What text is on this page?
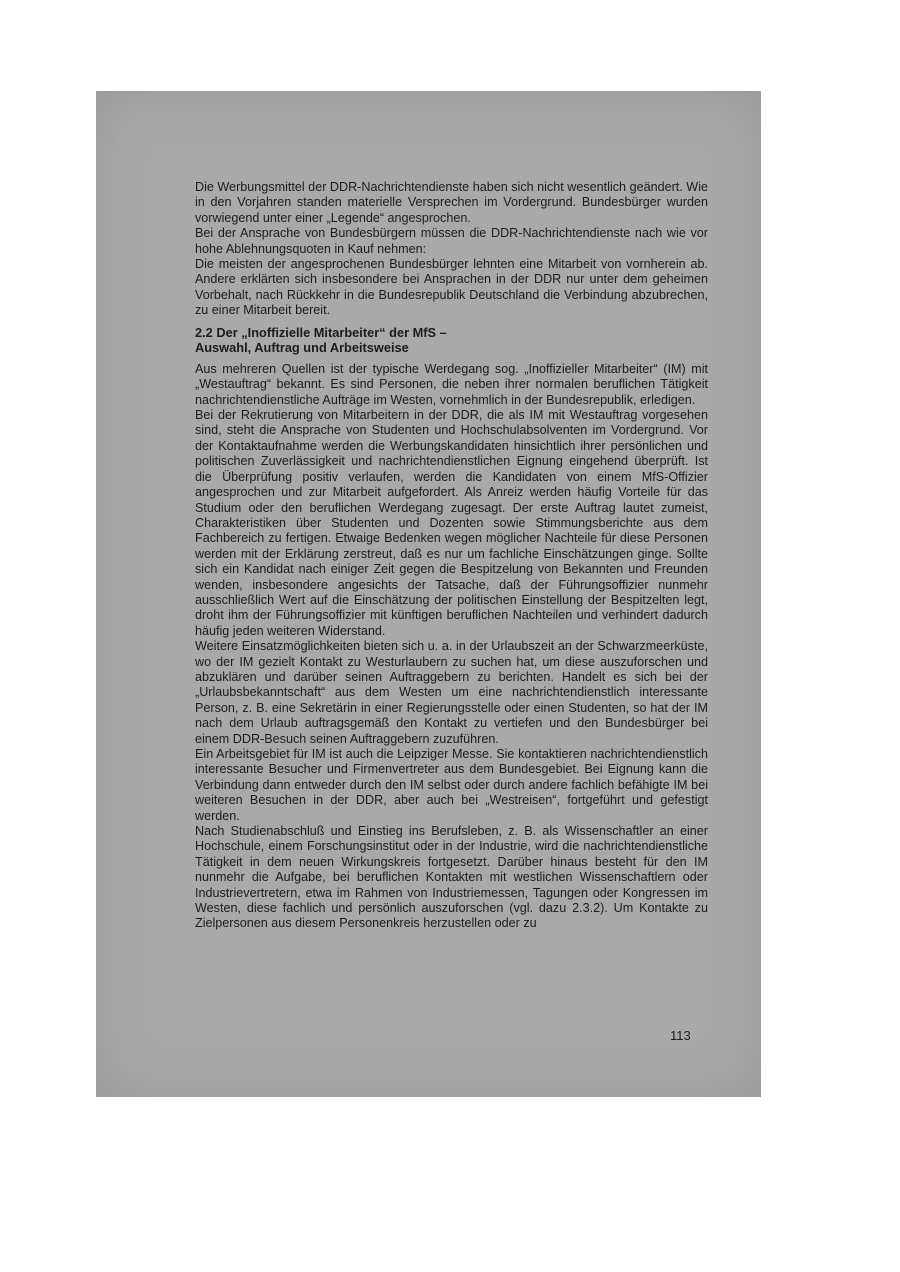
Die Werbungsmittel der DDR-Nachrichtendienste haben sich nicht wesentlich geändert. Wie in den Vorjahren standen materielle Versprechen im Vordergrund. Bundesbürger wurden vorwiegend unter einer „Legende“ angesprochen.

Bei der Ansprache von Bundesbürgern müssen die DDR-Nachrichtendienste nach wie vor hohe Ablehnungsquoten in Kauf nehmen:

Die meisten der angesprochenen Bundesbürger lehnten eine Mitarbeit von vornherein ab. Andere erklärten sich insbesondere bei Ansprachen in der DDR nur unter dem geheimen Vorbehalt, nach Rückkehr in die Bundesrepublik Deutschland die Verbindung abzubrechen, zu einer Mitarbeit bereit.

2.2 Der „Inoffizielle Mitarbeiter“ der MfS –
Auswahl, Auftrag und Arbeitsweise

Aus mehreren Quellen ist der typische Werdegang sog. „Inoffizieller Mitarbeiter“ (IM) mit „Westauftrag“ bekannt. Es sind Personen, die neben ihrer normalen beruflichen Tätigkeit nachrichtendienstliche Aufträge im Westen, vornehmlich in der Bundesrepublik, erledigen.

Bei der Rekrutierung von Mitarbeitern in der DDR, die als IM mit Westauftrag vorgesehen sind, steht die Ansprache von Studenten und Hochschulabsolventen im Vordergrund. Vor der Kontaktaufnahme werden die Werbungskandidaten hinsichtlich ihrer persönlichen und politischen Zuverlässigkeit und nachrichtendienstlichen Eignung eingehend überprüft. Ist die Überprüfung positiv verlaufen, werden die Kandidaten von einem MfS-Offizier angesprochen und zur Mitarbeit aufgefordert. Als Anreiz werden häufig Vorteile für das Studium oder den beruflichen Werdegang zugesagt. Der erste Auftrag lautet zumeist, Charakteristiken über Studenten und Dozenten sowie Stimmungsberichte aus dem Fachbereich zu fertigen. Etwaige Bedenken wegen möglicher Nachteile für diese Personen werden mit der Erklärung zerstreut, daß es nur um fachliche Einschätzungen ginge. Sollte sich ein Kandidat nach einiger Zeit gegen die Bespitzelung von Bekannten und Freunden wenden, insbesondere angesichts der Tatsache, daß der Führungsoffizier nunmehr ausschließlich Wert auf die Einschätzung der politischen Einstellung der Bespitzelten legt, droht ihm der Führungsoffizier mit künftigen beruflichen Nachteilen und verhindert dadurch häufig jeden weiteren Widerstand.

Weitere Einsatzmöglichkeiten bieten sich u. a. in der Urlaubszeit an der Schwarzmeerküste, wo der IM gezielt Kontakt zu Westurlaubern zu suchen hat, um diese auszuforschen und abzuklären und darüber seinen Auftraggebern zu berichten. Handelt es sich bei der „Urlaubsbekanntschaft“ aus dem Westen um eine nachrichtendienstlich interessante Person, z. B. eine Sekretärin in einer Regierungsstelle oder einen Studenten, so hat der IM nach dem Urlaub auftragsgemäß den Kontakt zu vertiefen und den Bundesbürger bei einem DDR-Besuch seinen Auftraggebern zuzuführen.

Ein Arbeitsgebiet für IM ist auch die Leipziger Messe. Sie kontaktieren nachrichtendienstlich interessante Besucher und Firmenvertreter aus dem Bundesgebiet. Bei Eignung kann die Verbindung dann entweder durch den IM selbst oder durch andere fachlich befähigte IM bei weiteren Besuchen in der DDR, aber auch bei „Westreisen“, fortgeführt und gefestigt werden.

Nach Studienabschluß und Einstieg ins Berufsleben, z. B. als Wissenschaftler an einer Hochschule, einem Forschungsinstitut oder in der Industrie, wird die nachrichtendienstliche Tätigkeit in dem neuen Wirkungskreis fortgesetzt. Darüber hinaus besteht für den IM nunmehr die Aufgabe, bei beruflichen Kontakten mit westlichen Wissenschaftlern oder Industrievertretern, etwa im Rahmen von Industriemessen, Tagungen oder Kongressen im Westen, diese fachlich und persönlich auszuforschen (vgl. dazu 2.3.2). Um Kontakte zu Zielpersonen aus diesem Personenkreis herzustellen oder zu

113
